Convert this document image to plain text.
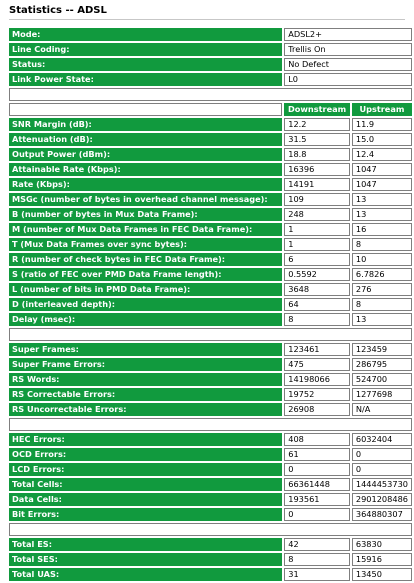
Statistics -- ADSL
Mode:	ADSL2+	
Line Coding:	Trellis On	
Status:	No Defect	
Link Power State:	L0	

	Downstream	Upstream
SNR Margin (dB):	12.2	11.9
Attenuation (dB):	31.5	15.0
Output Power (dBm):	18.8	12.4
Attainable Rate (Kbps):	16396	1047
Rate (Kbps):	14191	1047
MSGc (number of bytes in overhead channel message):	109	13
B (number of bytes in Mux Data Frame):	248	13
M (number of Mux Data Frames in FEC Data Frame):	1	16
T (Mux Data Frames over sync bytes):	1	8
R (number of check bytes in FEC Data Frame):	6	10
S (ratio of FEC over PMD Data Frame length):	0.5592	6.7826
L (number of bits in PMD Data Frame):	3648	276
D (interleaved depth):	64	8
Delay (msec):	8	13

Super Frames:	123461	123459
Super Frame Errors:	475	286795
RS Words:	14198066	524700
RS Correctable Errors:	19752	1277698
RS Uncorrectable Errors:	26908	N/A

HEC Errors:	408	6032404
OCD Errors:	61	0
LCD Errors:	0	0
Total Cells:	66361448	1444453730
Data Cells:	193561	2901208486
Bit Errors:	0	364880307

Total ES:	42	63830
Total SES:	8	15916
Total UAS:	31	13450
